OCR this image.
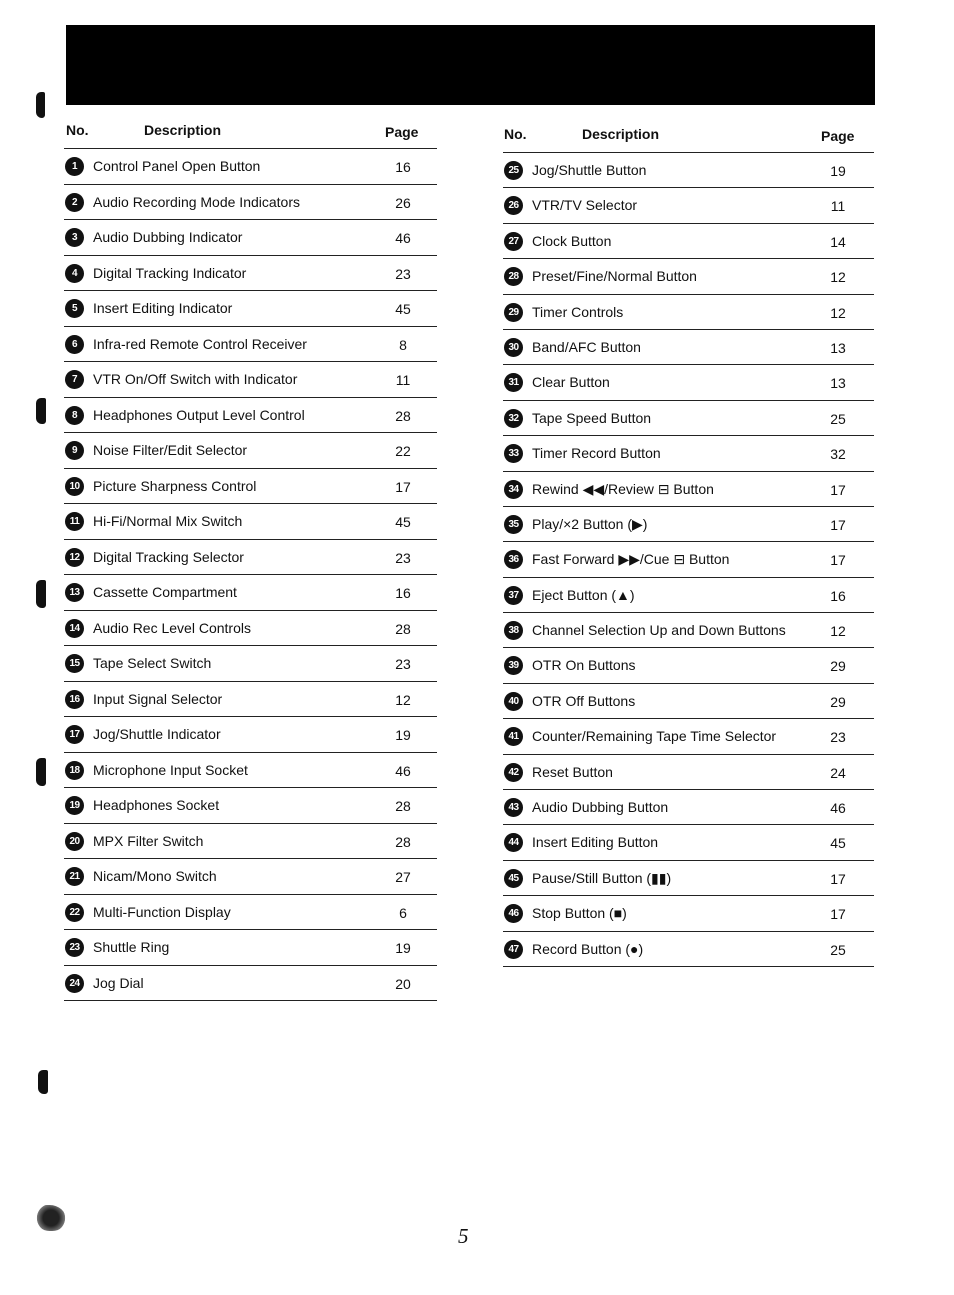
No.	Description	Page
1	Control Panel Open Button	16
2	Audio Recording Mode Indicators	26
3	Audio Dubbing Indicator	46
4	Digital Tracking Indicator	23
5	Insert Editing Indicator	45
6	Infra-red Remote Control Receiver	8
7	VTR On/Off Switch with Indicator	11
8	Headphones Output Level Control	28
9	Noise Filter/Edit Selector	22
10 Picture Sharpness Control	17
11 Hi-Fi/Normal Mix Switch	45
12 Digital Tracking Selector	23
13 Cassette Compartment	16
14 Audio Rec Level Controls	28
15 Tape Select Switch	23
16 Input Signal Selector	12
17 Jog/Shuttle Indicator	19
18 Microphone Input Socket	46
19 Headphones Socket	28
20 MPX Filter Switch	28
21 Nicam/Mono Switch	27
22 Multi-Function Display	6
23 Shuttle Ring	19
24 Jog Dial	20
No.	Description	Page
25 Jog/Shuttle Button	19
26 VTR/TV Selector	11
27 Clock Button	14
28 Preset/Fine/Normal Button	12
29 Timer Controls	12
30 Band/AFC Button	13
31 Clear Button	13
32 Tape Speed Button	25
33 Timer Record Button	32
34 Rewind ◀◀/Review ⊟ Button	17
35 Play/×2 Button (▶)	17
36 Fast Forward ▶▶/Cue ⊟ Button	17
37 Eject Button (▲)	16
38 Channel Selection Up and Down Buttons	12
39 OTR On Buttons	29
40 OTR Off Buttons	29
41 Counter/Remaining Tape Time Selector	23
42 Reset Button	24
43 Audio Dubbing Button	46
44 Insert Editing Button	45
45 Pause/Still Button (▮▮)	17
46 Stop Button (■)	17
47 Record Button (●)	25
5
